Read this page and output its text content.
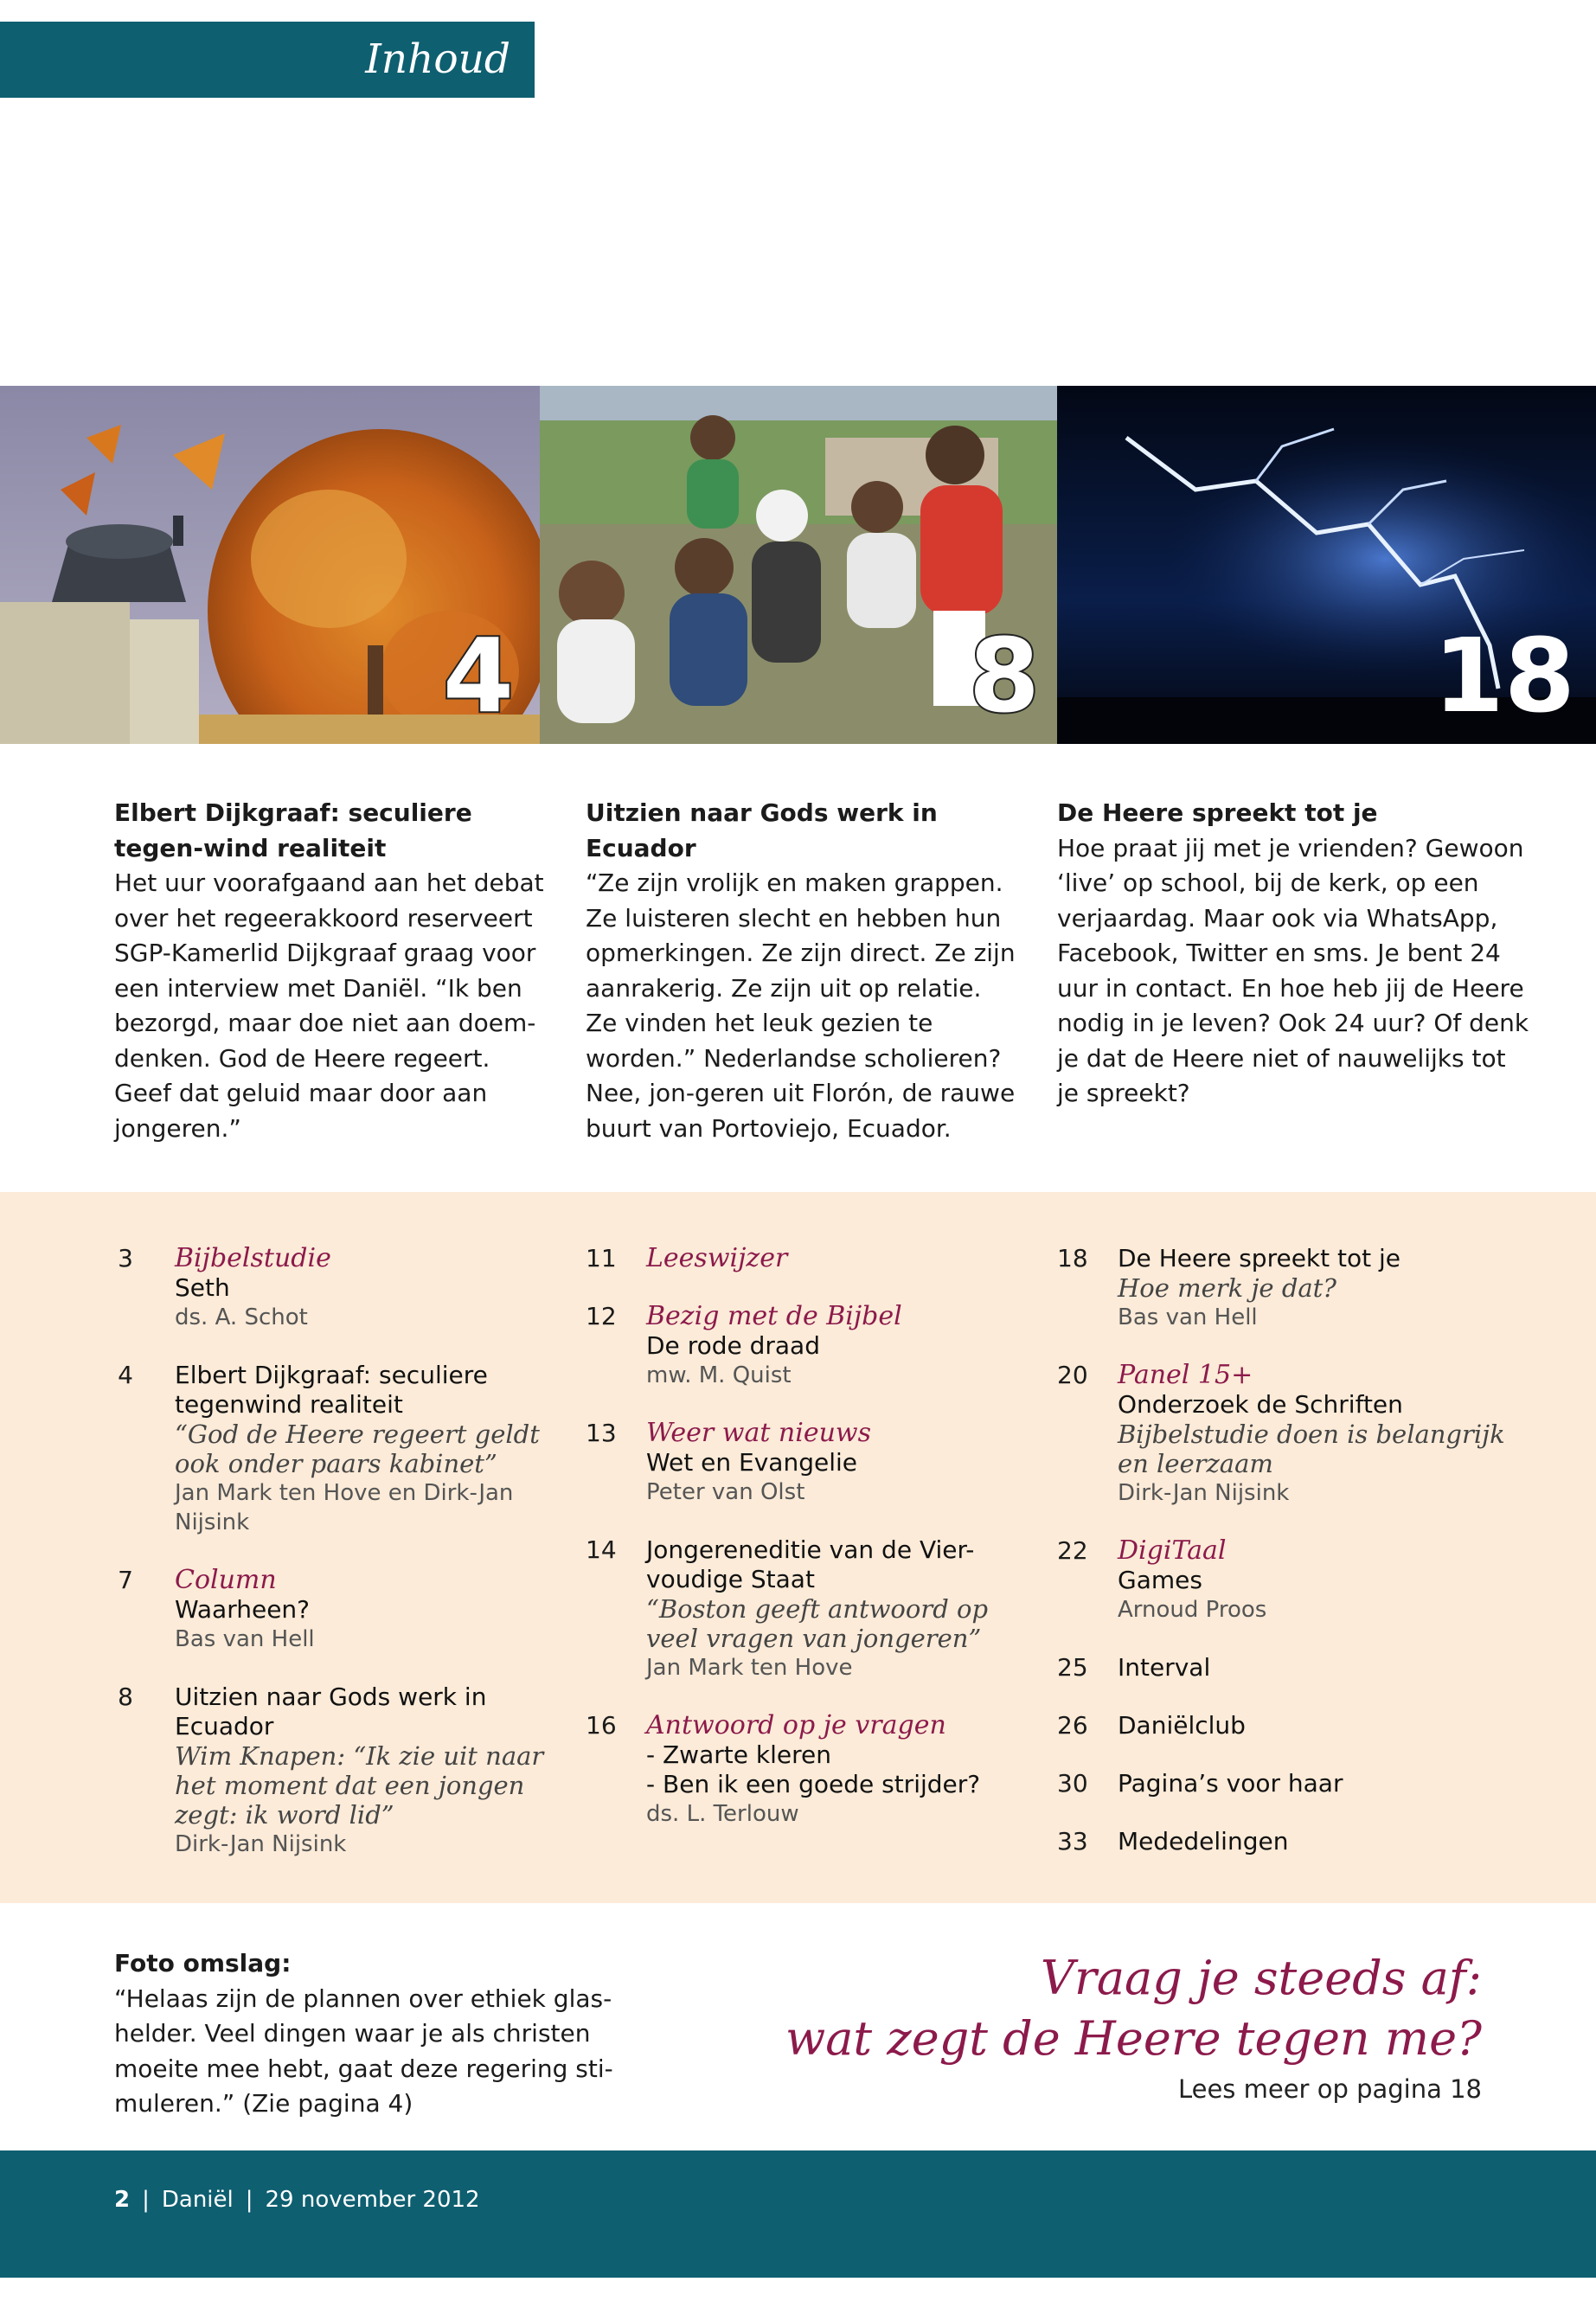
Inhoud
4	8	18
Elbert Dijkgraaf: seculiere tegen-wind realiteit
Het uur voorafgaand aan het debat over het regeerakkoord reserveert SGP-Kamerlid Dijkgraaf graag voor een interview met Daniël. “Ik ben bezorgd, maar doe niet aan doem-denken. God de Heere regeert. Geef dat geluid maar door aan jongeren.”
Uitzien naar Gods werk in Ecuador
“Ze zijn vrolijk en maken grappen. Ze luisteren slecht en hebben hun opmerkingen. Ze zijn direct. Ze zijn aanrakerig. Ze zijn uit op relatie. Ze vinden het leuk gezien te worden.” Nederlandse scholieren? Nee, jon-geren uit Florón, de rauwe buurt van Portoviejo, Ecuador.
De Heere spreekt tot je
Hoe praat jij met je vrienden? Gewoon ‘live’ op school, bij de kerk, op een verjaardag. Maar ook via WhatsApp, Facebook, Twitter en sms. Je bent 24 uur in contact. En hoe heb jij de Heere nodig in je leven? Ook 24 uur? Of denk je dat de Heere niet of nauwelijks tot je spreekt?
3 Bijbelstudie
Seth
ds. A. Schot
4 Elbert Dijkgraaf: seculiere tegenwind realiteit
“God de Heere regeert geldt ook onder paars kabinet”
Jan Mark ten Hove en Dirk-Jan Nijsink
7 Column
Waarheen?
Bas van Hell
8 Uitzien naar Gods werk in Ecuador
Wim Knapen: “Ik zie uit naar het moment dat een jongen zegt: ik word lid”
Dirk-Jan Nijsink
11 Leeswijzer
12 Bezig met de Bijbel
De rode draad
mw. M. Quist
13 Weer wat nieuws
Wet en Evangelie
Peter van Olst
14 Jongereneditie van de Vier-voudige Staat
“Boston geeft antwoord op veel vragen van jongeren”
Jan Mark ten Hove
16 Antwoord op je vragen
- Zwarte kleren
- Ben ik een goede strijder?
ds. L. Terlouw
18 De Heere spreekt tot je
Hoe merk je dat?
Bas van Hell
20 Panel 15+
Onderzoek de Schriften
Bijbelstudie doen is belangrijk en leerzaam
Dirk-Jan Nijsink
22 DigiTaal
Games
Arnoud Proos
25 Interval
26 Daniëlclub
30 Pagina’s voor haar
33 Mededelingen
Foto omslag:
“Helaas zijn de plannen over ethiek glas-helder. Veel dingen waar je als christen moeite mee hebt, gaat deze regering sti-muleren.” (Zie pagina 4)
Vraag je steeds af:
wat zegt de Heere tegen me?
Lees meer op pagina 18
2 | Daniël | 29 november 2012
